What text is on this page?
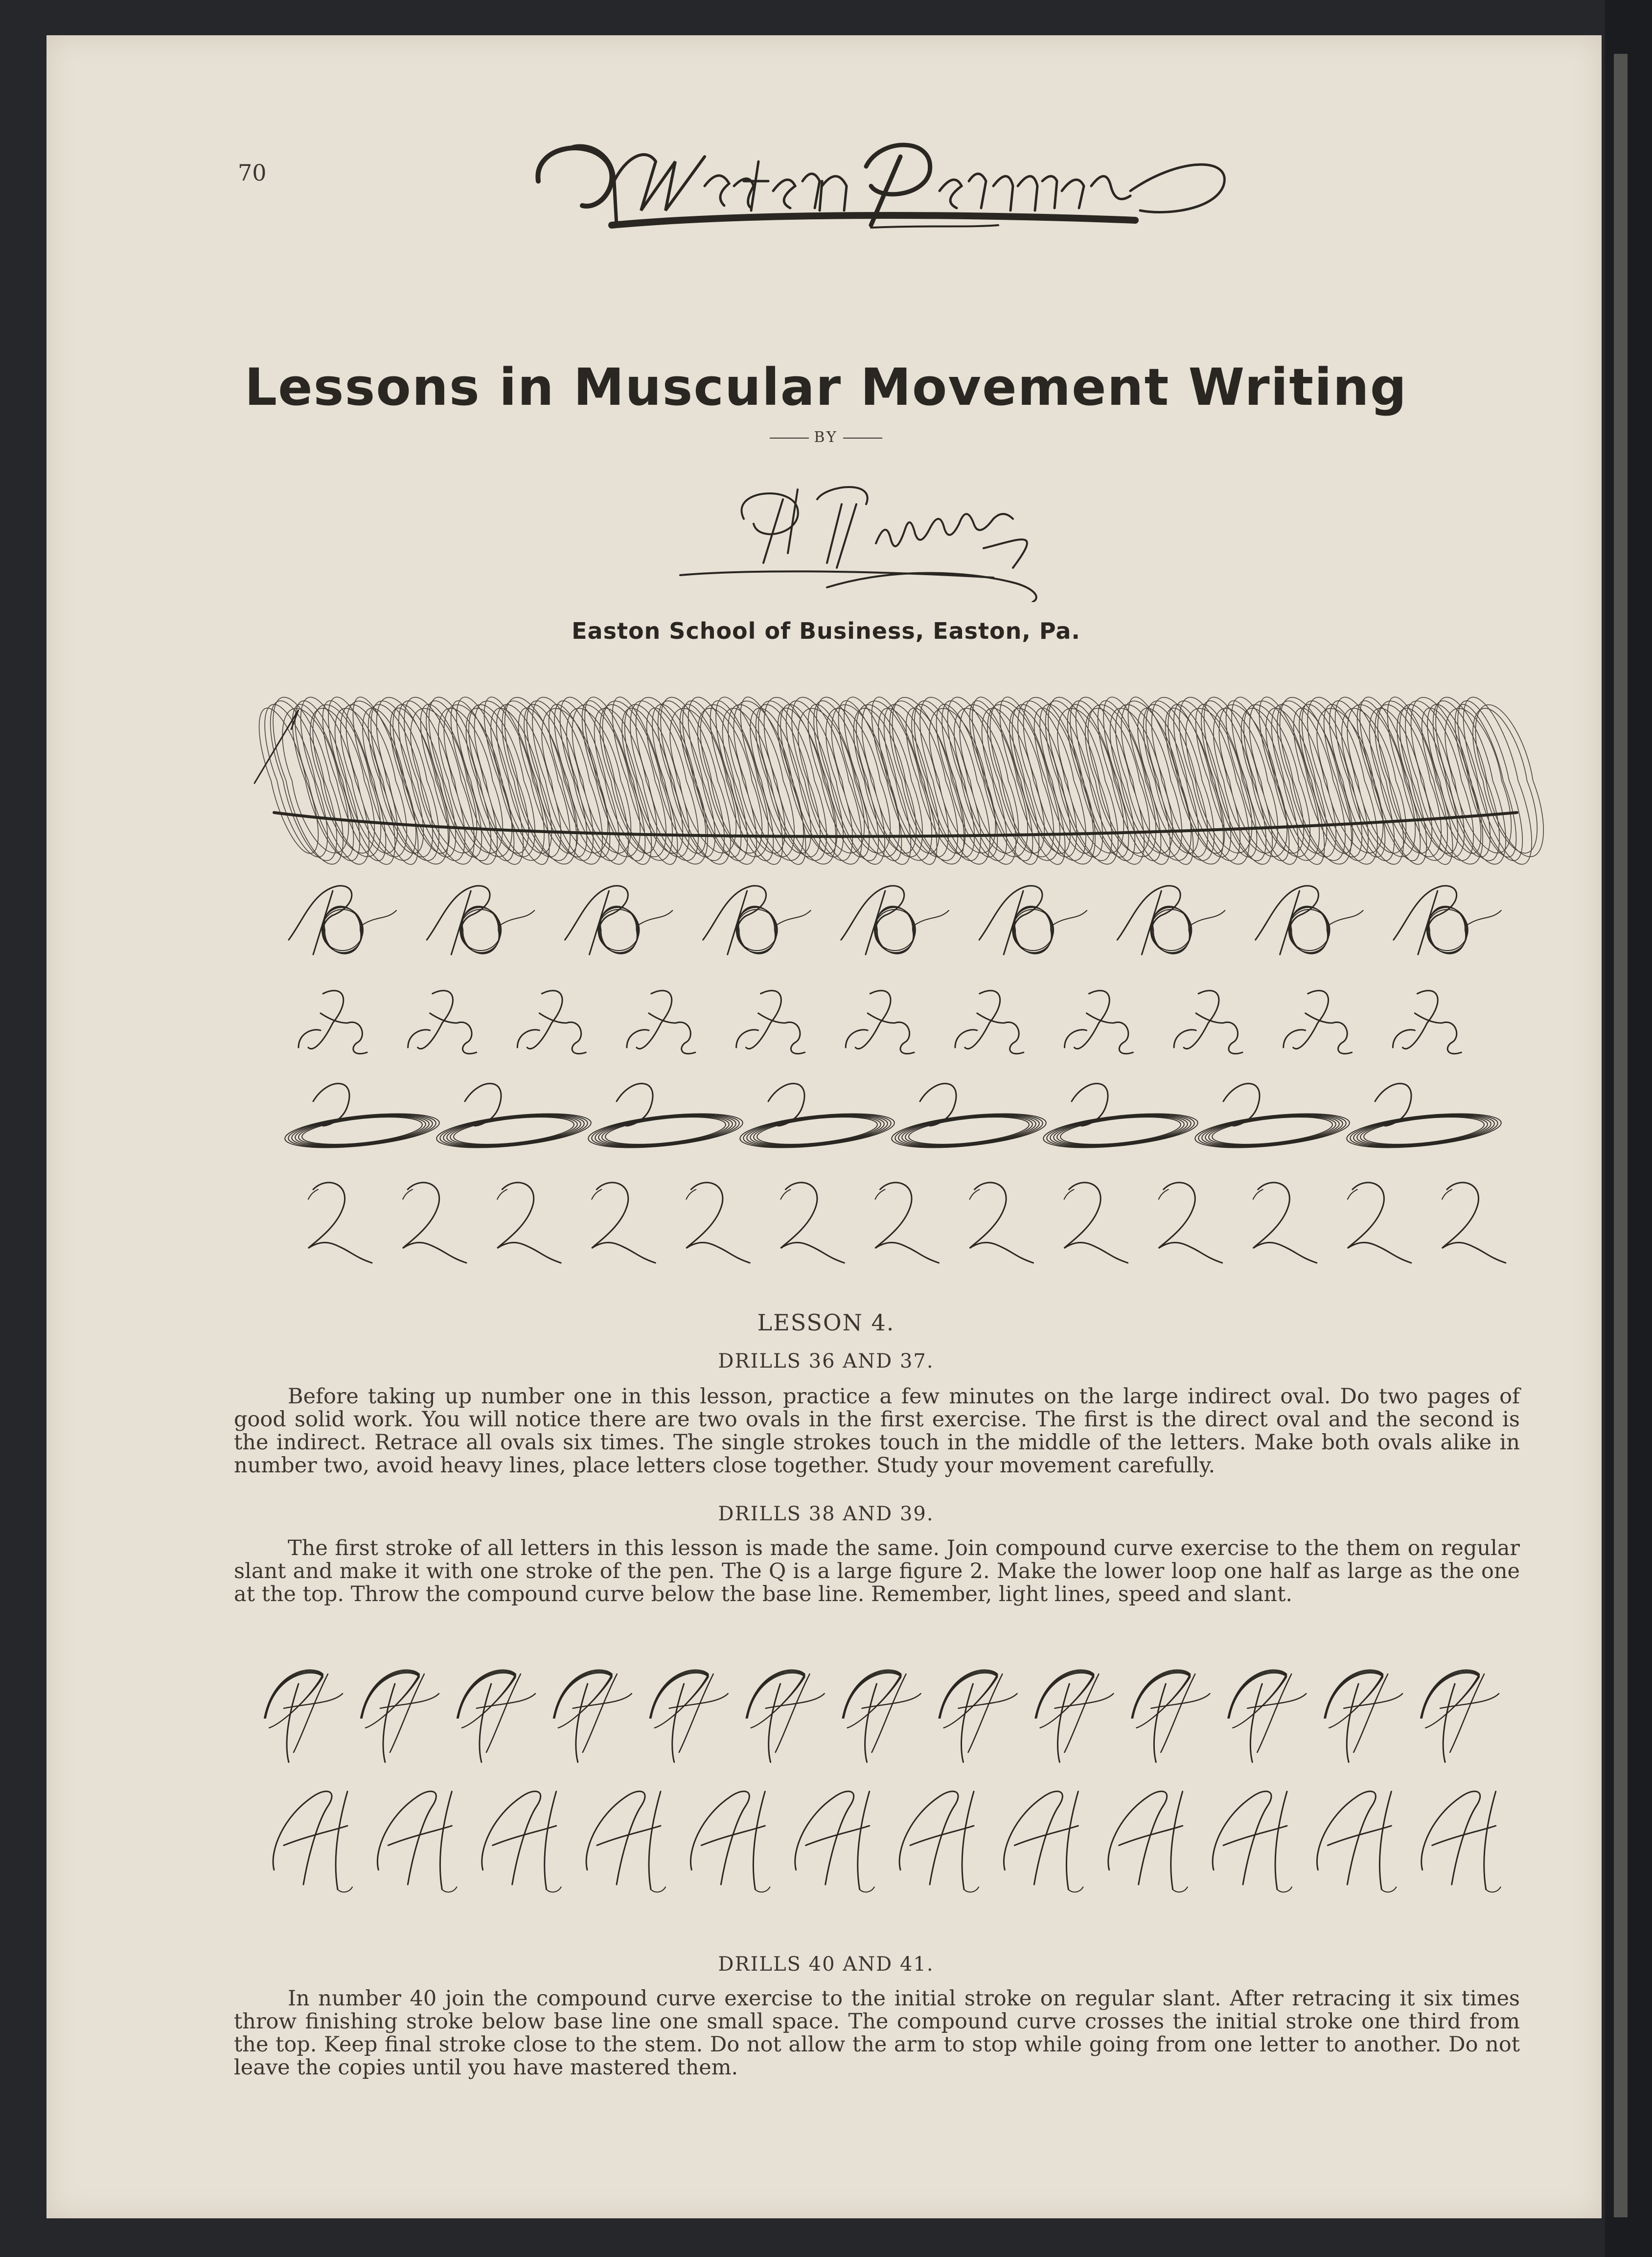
70
Lessons in Muscular Movement Writing
BY
Easton School of Business, Easton, Pa.
LESSON 4.
DRILLS 36 AND 37.
Before taking up number one in this lesson, practice a few minutes on the large indirect oval. Do two pages of good solid work. You will notice there are two ovals in the first exercise. The first is the direct oval and the second is the indirect. Retrace all ovals six times. The single strokes touch in the middle of the letters. Make both ovals alike in number two, avoid heavy lines, place letters close together. Study your movement carefully.
DRILLS 38 AND 39.
The first stroke of all letters in this lesson is made the same. Join compound curve exercise to the them on regular slant and make it with one stroke of the pen. The Q is a large figure 2. Make the lower loop one half as large as the one at the top. Throw the compound curve below the base line. Remember, light lines, speed and slant.
DRILLS 40 AND 41.
In number 40 join the compound curve exercise to the initial stroke on regular slant. After retracing it six times throw finishing stroke below base line one small space. The compound curve crosses the initial stroke one third from the top. Keep final stroke close to the stem. Do not allow the arm to stop while going from one letter to another. Do not leave the copies until you have mastered them.
